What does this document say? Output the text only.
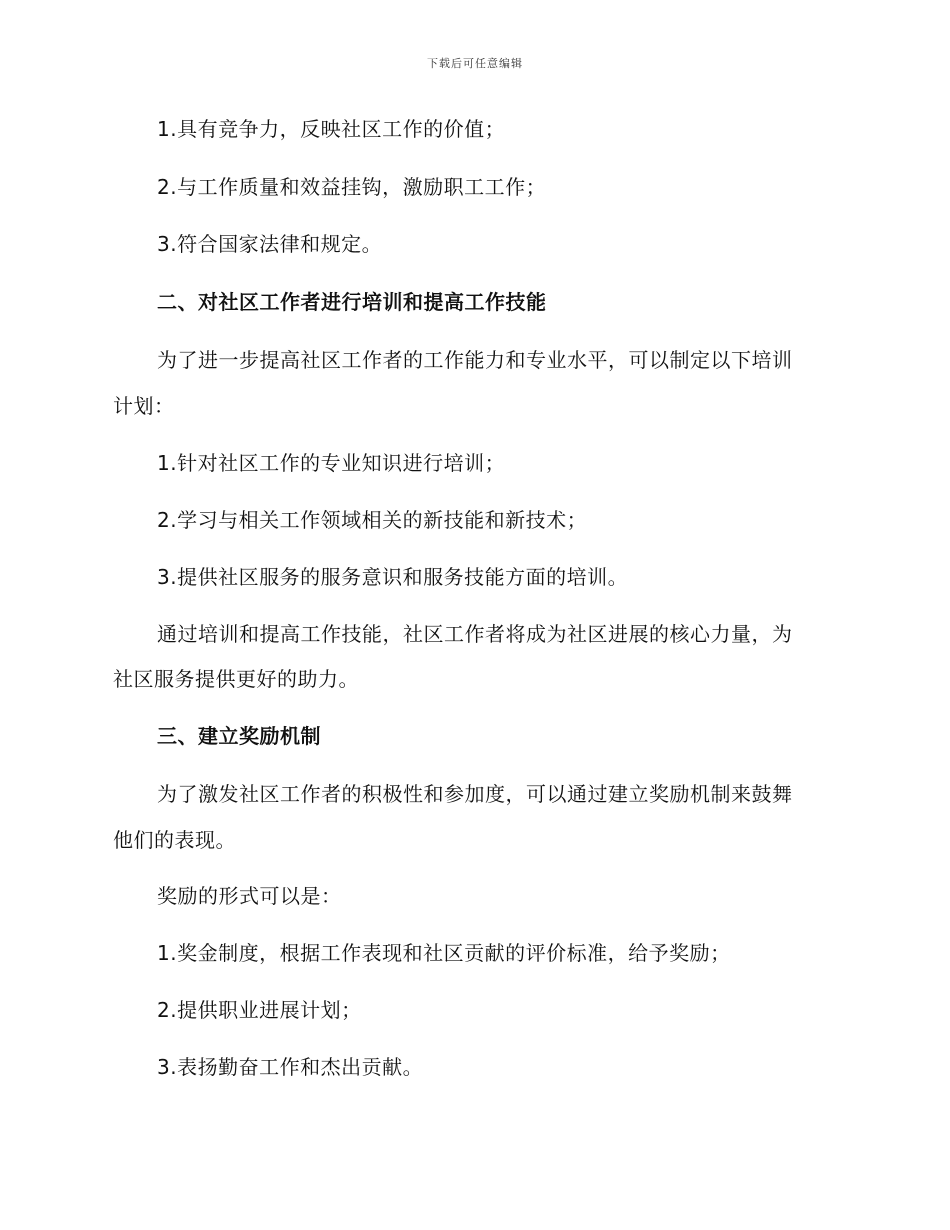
下载后可任意编辑
1.具有竞争力，反映社区工作的价值；
2.与工作质量和效益挂钩，激励职工工作；
3.符合国家法律和规定。
二、对社区工作者进行培训和提高工作技能
为了进一步提高社区工作者的工作能力和专业水平，可以制定以下培训
计划：
1.针对社区工作的专业知识进行培训；
2.学习与相关工作领域相关的新技能和新技术；
3.提供社区服务的服务意识和服务技能方面的培训。
通过培训和提高工作技能，社区工作者将成为社区进展的核心力量，为
社区服务提供更好的助力。
三、建立奖励机制
为了激发社区工作者的积极性和参加度，可以通过建立奖励机制来鼓舞
他们的表现。
奖励的形式可以是：
1.奖金制度，根据工作表现和社区贡献的评价标准，给予奖励；
2.提供职业进展计划；
3.表扬勤奋工作和杰出贡献。
